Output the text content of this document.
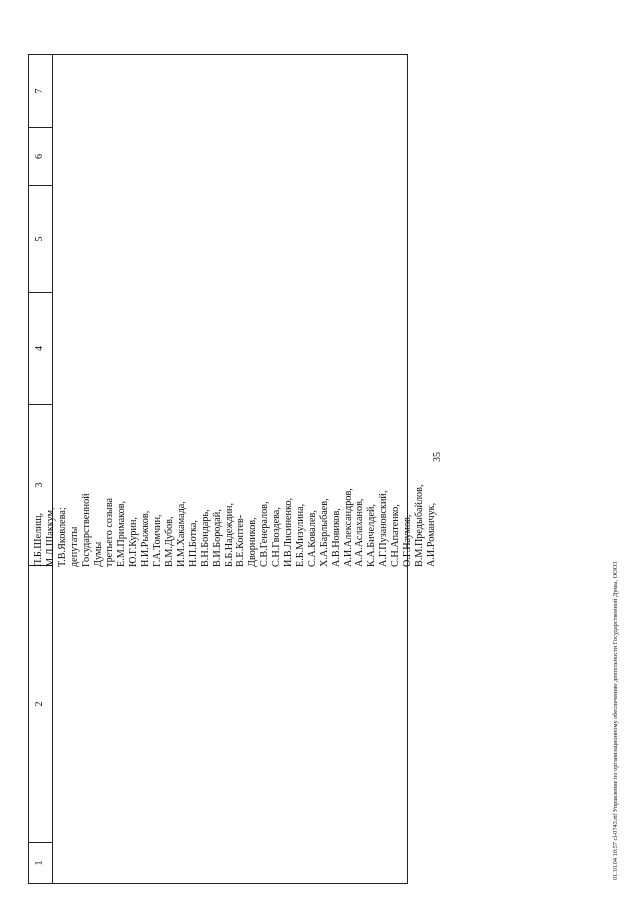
35
1
2
3
4
5
6
7
П.Б.Шелищ, М.Л.Шаккум, Т.В.Яковлева; депутаты Государственной Думы третьего созыва Е.М.Примаков, Ю.Г.Курин, Н.И.Рыжков, Г.А.Томчин, В.М.Дубов, И.М.Хакамада, Н.П.Ботка, В.Н.Бондарь, В.И.Бородай, Б.Б.Надеждин, В.Е.Коптев- Дворников, С.В.Генералов, С.Н.Гвоздева, И.В.Лисиненко, Е.Б.Мизулина, С.А.Ковалев, Х.А.Барлыбаев, А.В.Новиков, А.И.Александров, А.А.Аслаханов, К.А.Бичелдей, А.Г.Пузановский, С.Н.Апатенко, О.Г.Наумов, В.М.Предыбайлов, А.И.Романчук,
01.10.04 10:57 cl-0743.rtf Управление по организационному обеспечению деятельности Государственной Думы, ООО3
